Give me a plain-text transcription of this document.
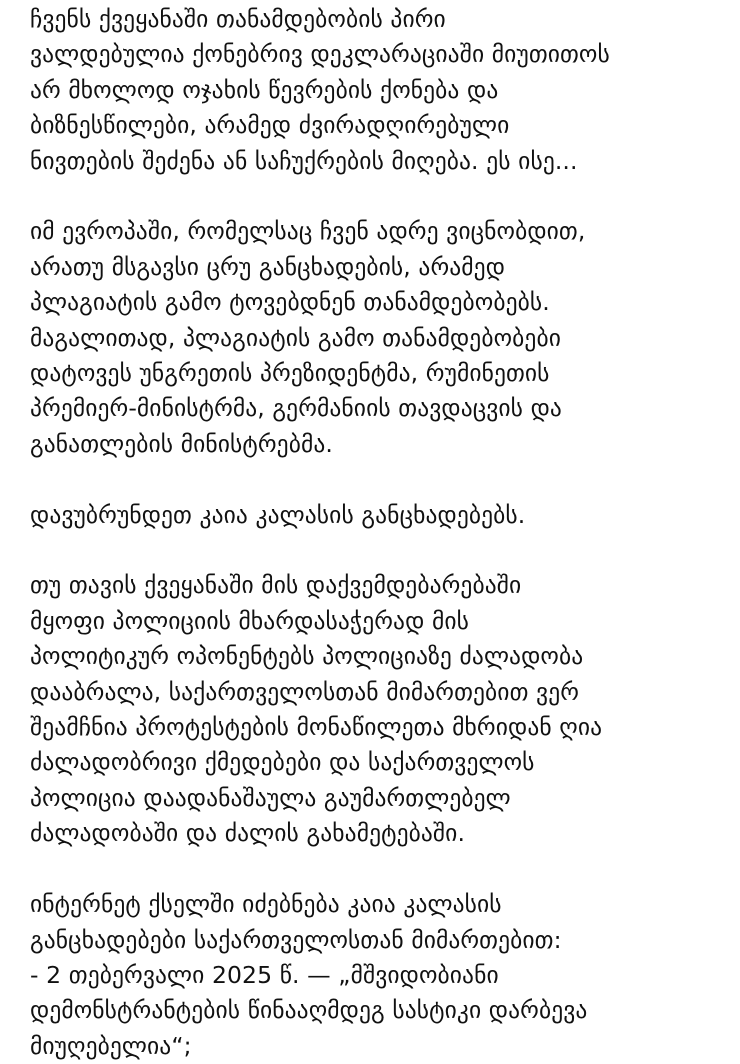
ჩვენს ქვეყანაში თანამდებობის პირი
ვალდებულია ქონებრივ დეკლარაციაში მიუთითოს
არ მხოლოდ ოჯახის წევრების ქონება და
ბიზნესწილები, არამედ ძვირადღირებული
ნივთების შეძენა ან საჩუქრების მიღება. ეს ისე...

იმ ევროპაში, რომელსაც ჩვენ ადრე ვიცნობდით,
არათუ მსგავსი ცრუ განცხადების, არამედ
პლაგიატის გამო ტოვებდნენ თანამდებობებს.
მაგალითად, პლაგიატის გამო თანამდებობები
დატოვეს უნგრეთის პრეზიდენტმა, რუმინეთის
პრემიერ-მინისტრმა, გერმანიის თავდაცვის და
განათლების მინისტრებმა.

დავუბრუნდეთ კაია კალასის განცხადებებს.

თუ თავის ქვეყანაში მის დაქვემდებარებაში
მყოფი პოლიციის მხარდასაჭერად მის
პოლიტიკურ ოპონენტებს პოლიციაზე ძალადობა
დააბრალა, საქართველოსთან მიმართებით ვერ
შეამჩნია პროტესტების მონაწილეთა მხრიდან ღია
ძალადობრივი ქმედებები და საქართველოს
პოლიცია დაადანაშაულა გაუმართლებელ
ძალადობაში და ძალის გახამეტებაში.

ინტერნეტ ქსელში იძებნება კაია კალასის
განცხადებები საქართველოსთან მიმართებით:
- 2 თებერვალი 2025 წ. — „მშვიდობიანი
დემონსტრანტების წინააღმდეგ სასტიკი დარბევა
მიუღებელია“;
